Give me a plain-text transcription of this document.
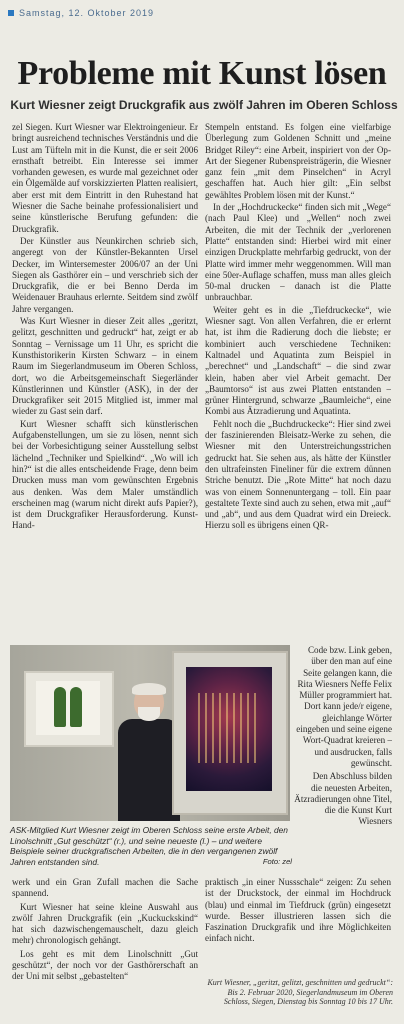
Samstag, 12. Oktober 2019
Probleme mit Kunst lösen
Kurt Wiesner zeigt Druckgrafik aus zwölf Jahren im Oberen Schloss

zel Siegen. Kurt Wiesner war Elektroingenieur. Er bringt ausreichend technisches Verständnis und die Lust am Tüfteln mit in die Kunst, die er seit 2006 ernsthaft betreibt. Ein Interesse sei immer vorhanden gewesen, es wurde mal gezeichnet oder ein Ölgemälde auf vorskizzierten Platten realisiert, aber erst mit dem Eintritt in den Ruhestand hat Wiesner die Sache beinahe professionalisiert und seine künstlerische Berufung gefunden: die Druckgrafik.

Der Künstler aus Neunkirchen schrieb sich, angeregt von der Künstler-Bekannten Ursel Decker, im Wintersemester 2006/07 an der Uni Siegen als Gasthörer ein – und verschrieb sich der Druckgrafik, die er bei Benno Derda im Weidenauer Brauhaus erlernte. Seitdem sind zwölf Jahre vergangen.

Was Kurt Wiesner in dieser Zeit alles „geritzt, gelitzt, geschnitten und gedruckt“ hat, zeigt er ab Sonntag – Vernissage um 11 Uhr, es spricht die Kunsthistorikerin Kirsten Schwarz – in einem Raum im Siegerlandmuseum im Oberen Schloss, dort, wo die Arbeitsgemeinschaft Siegerländer Künstlerinnen und Künstler (ASK), in der der Druckgrafiker seit 2015 Mitglied ist, immer mal wieder zu Gast sein darf.

Kurt Wiesner schafft sich künstlerischen Aufgabenstellungen, um sie zu lösen, nennt sich bei der Vorbesichtigung seiner Ausstellung selbst lächelnd „Techniker und Spielkind“. „Wo will ich hin?“ ist die alles entscheidende Frage, denn beim Drucken muss man vom gewünschten Ergebnis aus denken. Was dem Maler umständlich erscheinen mag (warum nicht direkt aufs Papier?), ist dem Druckgrafiker Herausforderung. Kunst-Hand-

Stempeln entstand. Es folgen eine vielfarbige Überlegung zum Goldenen Schnitt und „meine Bridget Riley“: eine Arbeit, inspiriert von der Op-Art der Siegener Rubenspreisträgerin, die Wiesner ganz fein „mit dem Pinselchen“ in Acryl geschaffen hat. Auch hier gilt: „Ein selbst gewähltes Problem lösen mit der Kunst.“

In der „Hochdruckecke“ finden sich mit „Wege“ (nach Paul Klee) und „Wellen“ noch zwei Arbeiten, die mit der Technik der „verlorenen Platte“ entstanden sind: Hierbei wird mit einer einzigen Druckplatte mehrfarbig gedruckt, von der Platte wird immer mehr weggenommen. Will man eine 50er-Auflage schaffen, muss man alles gleich 50-mal drucken – danach ist die Platte unbrauchbar.

Weiter geht es in die „Tiefdruckecke“, wie Wiesner sagt. Von allen Verfahren, die er erlernt hat, ist ihm die Radierung doch die liebste; er kombiniert auch verschiedene Techniken: Kaltnadel und Aquatinta zum Beispiel in „berechnet“ und „Landschaft“ – die sind zwar klein, haben aber viel Arbeit gemacht. Der „Baumtorso“ ist aus zwei Platten entstanden – grüner Hintergrund, schwarze „Baumleiche“, eine Kombi aus Ätzradierung und Aquatinta.

Fehlt noch die „Buchdruckecke“: Hier sind zwei der faszinierenden Bleisatz-Werke zu sehen, die Wiesner mit den Unterstreichungsstrichen gedruckt hat. Sie sehen aus, als hätte der Künstler den ultrafeinsten Fineliner für die extrem dünnen Striche benutzt. Die „Rote Mitte“ hat noch dazu was von einem Sonnenuntergang – toll. Ein paar gestaltete Texte sind auch zu sehen, etwa mit „auf“ und „ab“, und aus dem Quadrat wird ein Dreieck. Hierzu soll es übrigens einen QR-

Code bzw. Link geben, über den man auf eine Seite gelangen kann, die Rita Wiesners Neffe Felix Müller programmiert hat. Dort kann jede/r eigene, gleichlange Wörter eingeben und seine eigene Wort-Quadrat kreieren – und ausdrucken, falls gewünscht.

Den Abschluss bilden die neuesten Arbeiten, Ätzradierungen ohne Titel, die die Kunst Kurt Wiesners

ASK-Mitglied Kurt Wiesner zeigt im Oberen Schloss seine erste Arbeit, den Linolschnitt „Gut geschützt“ (r.), und seine neueste (l.) – und weitere Beispiele seiner druckgrafischen Arbeiten, die in den vergangenen zwölf Jahren entstanden sind.	Foto: zel

werk und ein Gran Zufall machen die Sache spannend.

Kurt Wiesner hat seine kleine Auswahl aus zwölf Jahren Druckgrafik (ein „Kuckuckskind“ hat sich dazwischengemauschelt, dazu gleich mehr) chronologisch gehängt.

Los geht es mit dem Linolschnitt „Gut geschützt“, der noch vor der Gasthörerschaft an der Uni mit selbst „gebastelten“

praktisch „in einer Nussschale“ zeigen: Zu sehen ist der Druckstock, der einmal im Hochdruck (blau) und einmal im Tiefdruck (grün) eingesetzt wurde. Besser illustrieren lassen sich die Faszination Druckgrafik und ihre Möglichkeiten einfach nicht.

Kurt Wiesner, „geritzt, gelitzt, geschnitten und gedruckt“: Bis 2. Februar 2020, Siegerlandmuseum im Oberen Schloss, Siegen, Dienstag bis Sonntag 10 bis 17 Uhr.
